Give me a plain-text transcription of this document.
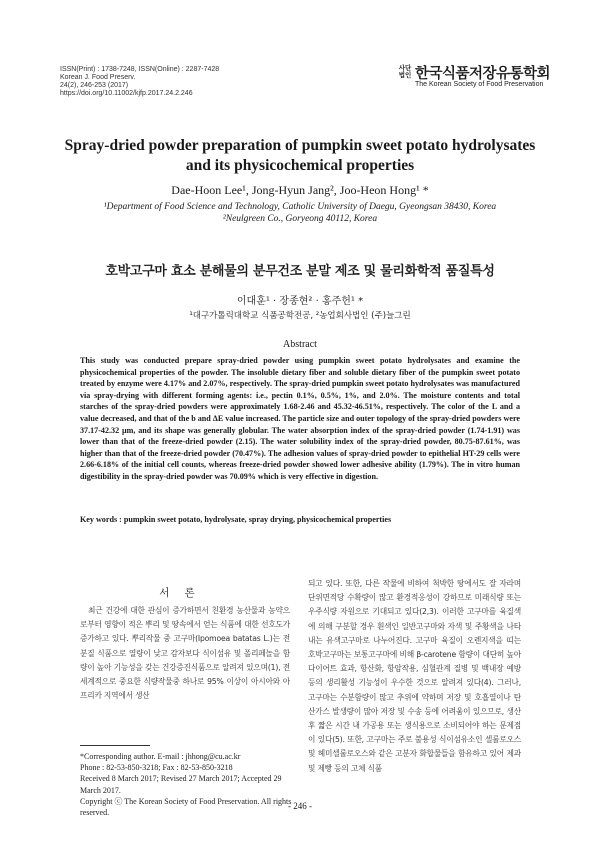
ISSN(Print) : 1738-7248, ISSN(Online) : 2287-7428
Korean J. Food Preserv.
24(2), 246-253 (2017)
https://doi.org/10.11002/kjfp.2017.24.2.246
사단 법인 한국식품저장유통학회
The Korean Society of Food Preservation
Spray-dried powder preparation of pumpkin sweet potato hydrolysates
and its physicochemical properties
Dae-Hoon Lee¹, Jong-Hyun Jang², Joo-Heon Hong¹ *
¹Department of Food Science and Technology, Catholic University of Daegu, Gyeongsan 38430, Korea
²Neulgreen Co., Goryeong 40112, Korea
호박고구마 효소 분해물의 분무건조 분말 제조 및 물리화학적 품질특성
이대훈¹ · 장종현² · 홍주헌¹ *
¹대구가톨릭대학교 식품공학전공, ²농업회사법인 (주)늘그린
Abstract
This study was conducted prepare spray-dried powder using pumpkin sweet potato hydrolysates and examine the physicochemical properties of the powder. The insoluble dietary fiber and soluble dietary fiber of the pumpkin sweet potato treated by enzyme were 4.17% and 2.07%, respectively. The spray-dried pumpkin sweet potato hydrolysates was manufactured via spray-drying with different forming agents: i.e., pectin 0.1%, 0.5%, 1%, and 2.0%. The moisture contents and total starches of the spray-dried powders were approximately 1.68-2.46 and 45.32-46.51%, respectively. The color of the L and a value decreased, and that of the b and ΔE value increased. The particle size and outer topology of the spray-dried powders were 37.17-42.32 µm, and its shape was generally globular. The water absorption index of the spray-dried powder (1.74-1.91) was lower than that of the freeze-dried powder (2.15). The water solubility index of the spray-dried powder, 80.75-87.61%, was higher than that of the freeze-dried powder (70.47%). The adhesion values of spray-dried powder to epithelial HT-29 cells were 2.66-6.18% of the initial cell counts, whereas freeze-dried powder showed lower adhesive ability (1.79%). The in vitro human digestibility in the spray-dried powder was 70.09% which is very effective in digestion.
Key words : pumpkin sweet potato, hydrolysate, spray drying, physicochemical properties
서 론

최근 건강에 대한 관심이 증가하면서 친환경 농산물과 농약으로부터 영향이 적은 뿌리 및 땅속에서 얻는 식품에 대한 선호도가 증가하고 있다. 뿌리작물 중 고구마(Ipomoea batatas L.)는 전분질 식품으로 열량이 낮고 감자보다 식이섬유 및 폴리페놀을 함량이 높아 기능성을 갖는 건강증진식품으로 알려져 있으며(1), 전세계적으로 중요한 식량작물중 하나로 95% 이상이 아시아와 아프리카 지역에서 생산

되고 있다. 또한, 다른 작물에 비하여 척박한 땅에서도 잘 자라며 단위면적당 수확량이 많고 환경적응성이 강하므로 미래식량 또는 우주식량 자원으로 기대되고 있다(2,3). 이러한 고구마를 육질색에 의해 구분할 경우 흰색인 일반고구마와 자색 및 주황색을 나타내는 유색고구마로 나누어진다. 고구마 육질이 오렌지색을 띠는 호박고구마는 보통고구마에 비해 β-carotene 함량이 대단히 높아 다이어트 효과, 항산화, 항암작용, 심혈관계 질병 및 백내장 예방 등의 생리활성 기능성이 우수한 것으로 알려져 있다(4). 그러나, 고구마는 수분함량이 많고 추위에 약하며 저장 및 호흡열이나 탄산가스 발생량이 많아 저장 및 수송 등에 어려움이 있으므로, 생산 후 짧은 시간 내 가공용 또는 생식용으로 소비되어야 하는 문제점이 있다(5). 또한, 고구마는 주로 불용성 식이섬유소인 셀룰로오스 및 헤미셀룰로오스와 같은 고분자 화합물들을 함유하고 있어 제과 및 제빵 등의 고체 식품

*Corresponding author. E-mail : jhhong@cu.ac.kr
Phone : 82-53-850-3218; Fax : 82-53-850-3218
Received 8 March 2017; Revised 27 March 2017; Accepted 29 March 2017.
Copyright ⓒ The Korean Society of Food Preservation. All rights reserved.
- 246 -
